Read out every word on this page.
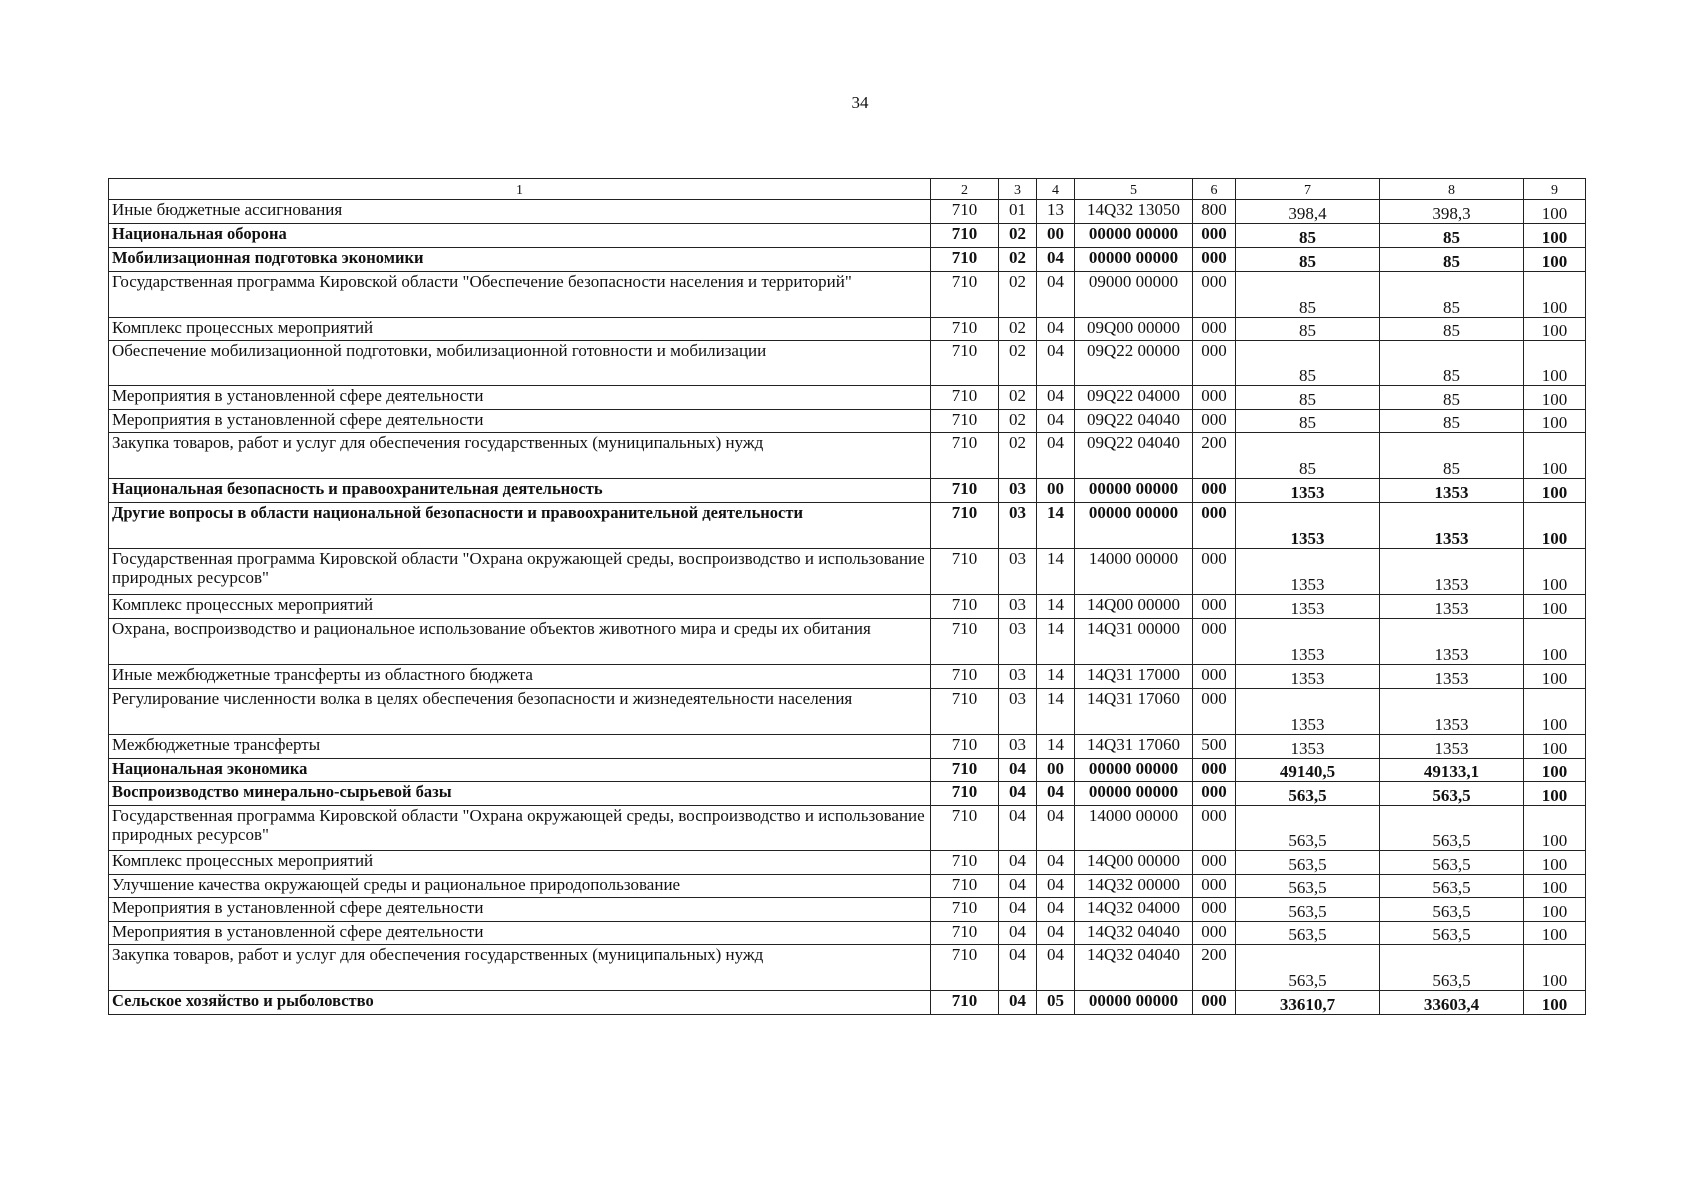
34
1	2	3	4	5	6	7	8	9
Иные бюджетные ассигнования	710	01	13	14Q32 13050	800	398,4	398,3	100
Национальная оборона	710	02	00	00000 00000	000	85	85	100
Мобилизационная подготовка экономики	710	02	04	00000 00000	000	85	85	100
Государственная программа Кировской области "Обеспечение безопасности населения и территорий"	710	02	04	09000 00000	000	85	85	100
Комплекс процессных мероприятий	710	02	04	09Q00 00000	000	85	85	100
Обеспечение мобилизационной подготовки, мобилизационной готовности и мобилизации	710	02	04	09Q22 00000	000	85	85	100
Мероприятия в установленной сфере деятельности	710	02	04	09Q22 04000	000	85	85	100
Мероприятия в установленной сфере деятельности	710	02	04	09Q22 04040	000	85	85	100
Закупка товаров, работ и услуг для обеспечения государственных (муниципальных) нужд	710	02	04	09Q22 04040	200	85	85	100
Национальная безопасность и правоохранительная деятельность	710	03	00	00000 00000	000	1353	1353	100
Другие вопросы в области национальной безопасности и правоохранительной деятельности	710	03	14	00000 00000	000	1353	1353	100
Государственная программа Кировской области "Охрана окружающей среды, воспроизводство и использование природных ресурсов"	710	03	14	14000 00000	000	1353	1353	100
Комплекс процессных мероприятий	710	03	14	14Q00 00000	000	1353	1353	100
Охрана, воспроизводство и рациональное использование объектов животного мира и среды их обитания	710	03	14	14Q31 00000	000	1353	1353	100
Иные межбюджетные трансферты из областного бюджета	710	03	14	14Q31 17000	000	1353	1353	100
Регулирование численности волка в целях обеспечения безопасности и жизнедеятельности населения	710	03	14	14Q31 17060	000	1353	1353	100
Межбюджетные трансферты	710	03	14	14Q31 17060	500	1353	1353	100
Национальная экономика	710	04	00	00000 00000	000	49140,5	49133,1	100
Воспроизводство минерально-сырьевой базы	710	04	04	00000 00000	000	563,5	563,5	100
Государственная программа Кировской области "Охрана окружающей среды, воспроизводство и использование природных ресурсов"	710	04	04	14000 00000	000	563,5	563,5	100
Комплекс процессных мероприятий	710	04	04	14Q00 00000	000	563,5	563,5	100
Улучшение качества окружающей среды и рациональное природопользование	710	04	04	14Q32 00000	000	563,5	563,5	100
Мероприятия в установленной сфере деятельности	710	04	04	14Q32 04000	000	563,5	563,5	100
Мероприятия в установленной сфере деятельности	710	04	04	14Q32 04040	000	563,5	563,5	100
Закупка товаров, работ и услуг для обеспечения государственных (муниципальных) нужд	710	04	04	14Q32 04040	200	563,5	563,5	100
Сельское хозяйство и рыболовство	710	04	05	00000 00000	000	33610,7	33603,4	100
